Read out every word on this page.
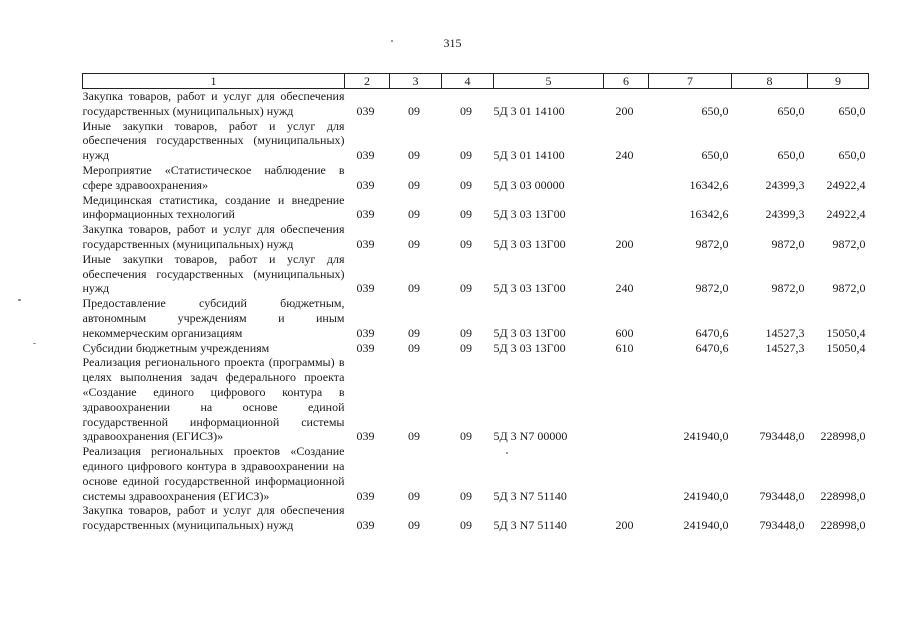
315
1	2	3	4	5	6	7	8	9
Закупка товаров, работ и услуг для обеспечения государственных (муниципальных) нужд	039	09	09	5Д 3 01 14100	200	650,0	650,0	650,0
Иные закупки товаров, работ и услуг для обеспечения государственных (муниципальных) нужд	039	09	09	5Д 3 01 14100	240	650,0	650,0	650,0
Мероприятие «Статистическое наблюдение в сфере здравоохранения»	039	09	09	5Д 3 03 00000		16342,6	24399,3	24922,4
Медицинская статистика, создание и внедрение информационных технологий	039	09	09	5Д 3 03 13Г00		16342,6	24399,3	24922,4
Закупка товаров, работ и услуг для обеспечения государственных (муниципальных) нужд	039	09	09	5Д 3 03 13Г00	200	9872,0	9872,0	9872,0
Иные закупки товаров, работ и услуг для обеспечения государственных (муниципальных) нужд	039	09	09	5Д 3 03 13Г00	240	9872,0	9872,0	9872,0
Предоставление субсидий бюджетным, автономным учреждениям и иным некоммерческим организациям	039	09	09	5Д 3 03 13Г00	600	6470,6	14527,3	15050,4
Субсидии бюджетным учреждениям	039	09	09	5Д 3 03 13Г00	610	6470,6	14527,3	15050,4
Реализация регионального проекта (программы) в целях выполнения задач федерального проекта «Создание единого цифрового контура в здравоохранении на основе единой государственной информационной системы здравоохранения (ЕГИСЗ)»	039	09	09	5Д 3 N7 00000		241940,0	793448,0	228998,0
Реализация региональных проектов «Создание единого цифрового контура в здравоохранении на основе единой государственной информационной системы здравоохранения (ЕГИСЗ)»	039	09	09	5Д 3 N7 51140		241940,0	793448,0	228998,0
Закупка товаров, работ и услуг для обеспечения государственных (муниципальных) нужд	039	09	09	5Д 3 N7 51140	200	241940,0	793448,0	228998,0
